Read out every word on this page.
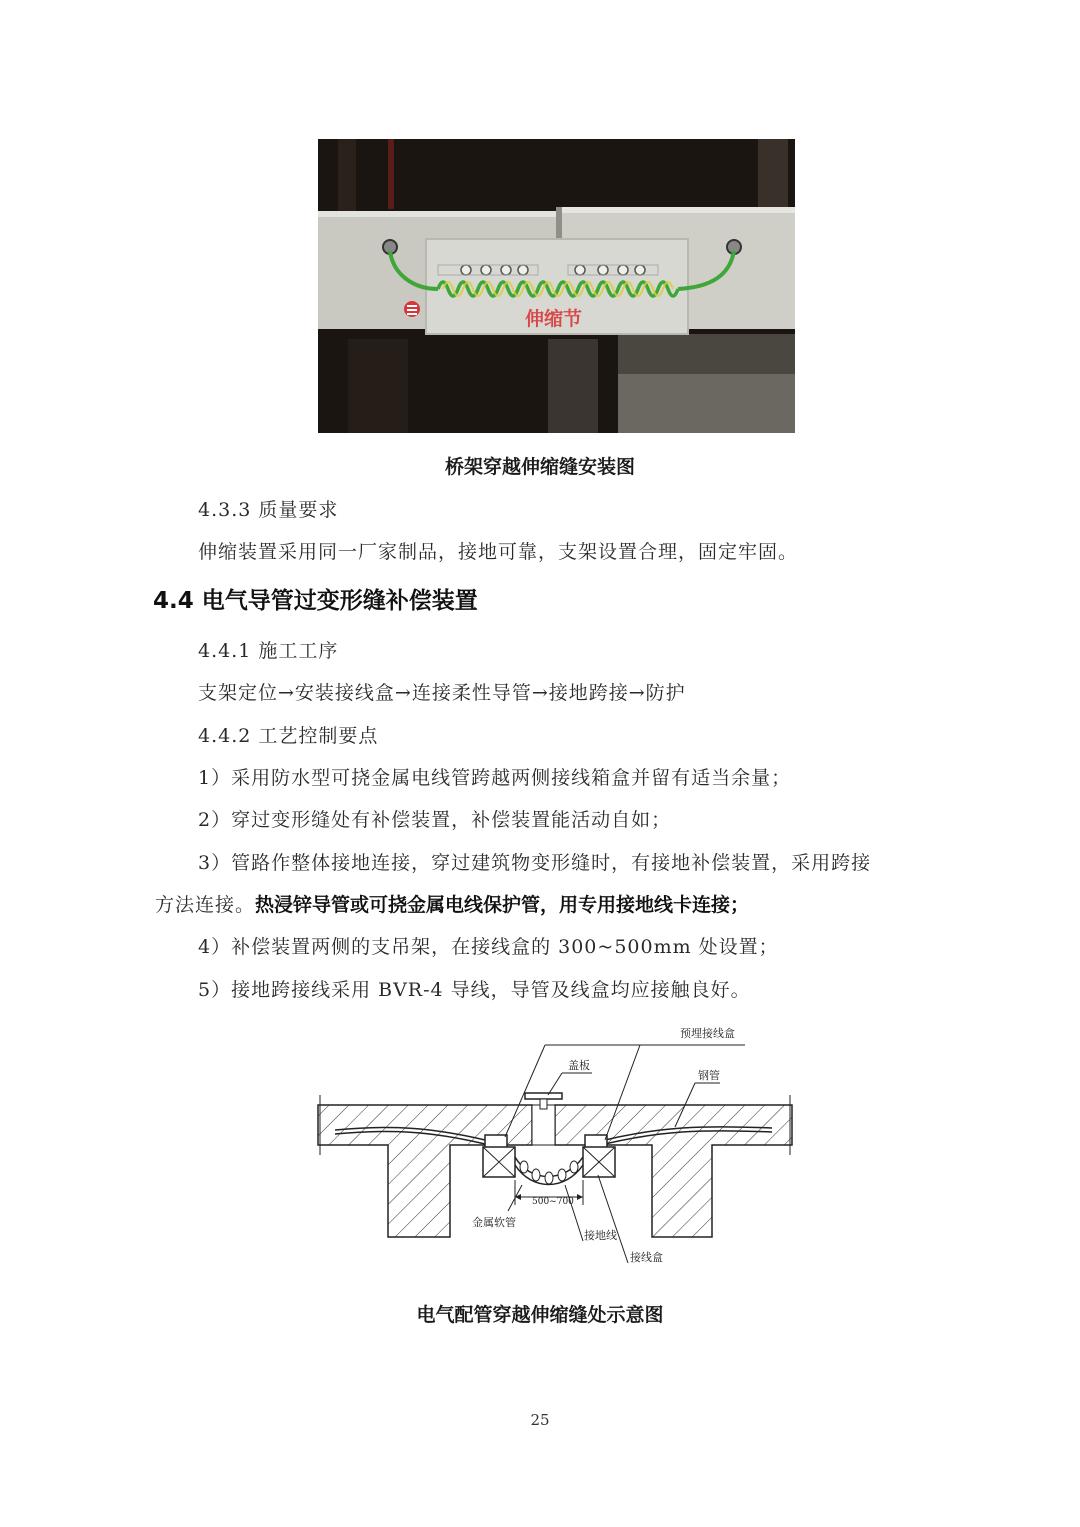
伸缩节
桥架穿越伸缩缝安装图
4.3.3 质量要求
伸缩装置采用同一厂家制品，接地可靠，支架设置合理，固定牢固。
4.4 电气导管过变形缝补偿装置
4.4.1 施工工序
支架定位→安装接线盒→连接柔性导管→接地跨接→防护
4.4.2 工艺控制要点
1）采用防水型可挠金属电线管跨越两侧接线箱盒并留有适当余量；
2）穿过变形缝处有补偿装置，补偿装置能活动自如；
3）管路作整体接地连接，穿过建筑物变形缝时，有接地补偿装置，采用跨接
方法连接。热浸锌导管或可挠金属电线保护管，用专用接地线卡连接；
4）补偿装置两侧的支吊架，在接线盒的 300~500mm 处设置；
5）接地跨接线采用 BVR-4 导线，导管及线盒均应接触良好。
预埋接线盒
盖板
钢管
500~700
金属软管
接地线
接线盒
电气配管穿越伸缩缝处示意图
25
